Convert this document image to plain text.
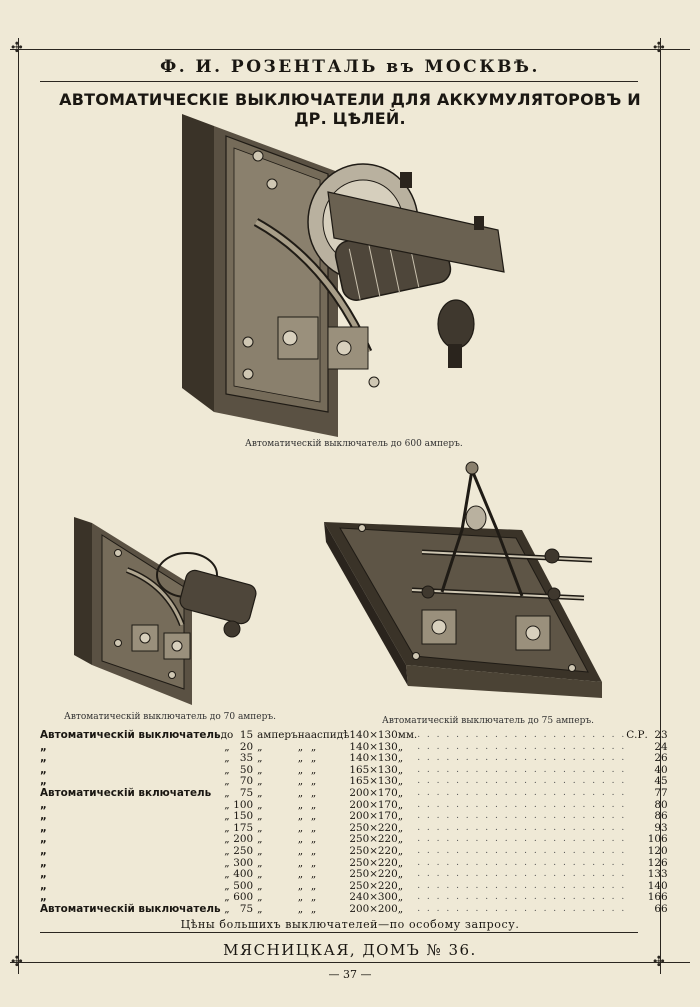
✣	✣
✣	✣
Ф. И. РОЗЕНТАЛЬ въ МОСКВѢ.
АВТОМАТИЧЕСКІЕ ВЫКЛЮЧАТЕЛИ ДЛЯ АККУМУЛЯТОРОВЪ И ДР. ЦѢЛЕЙ.
Автоматическій выключатель до 600 амперъ.
Автоматическій выключатель до 70 амперъ.	Автоматическій выключатель до 75 амперъ.
Автоматическій выключатель	до	15	амперъ	на	аспидѣ	140×130	мм.	. . . . . . . . . . . . . . . . . . . . . .	С.Р.	23
„	„	20	„	„	„	140×130	„	. . . . . . . . . . . . . . . . . . . . . .		24
„	„	35	„	„	„	140×130	„	. . . . . . . . . . . . . . . . . . . . . .		26
„	„	50	„	„	„	165×130	„	. . . . . . . . . . . . . . . . . . . . . .		40
„	„	70	„	„	„	165×130	„	. . . . . . . . . . . . . . . . . . . . . .		45
Автоматическій включатель	„	75	„	„	„	200×170	„	. . . . . . . . . . . . . . . . . . . . . .		77
„	„	100	„	„	„	200×170	„	. . . . . . . . . . . . . . . . . . . . . .		80
„	„	150	„	„	„	200×170	„	. . . . . . . . . . . . . . . . . . . . . .		86
„	„	175	„	„	„	250×220	„	. . . . . . . . . . . . . . . . . . . . . .		93
„	„	200	„	„	„	250×220	„	. . . . . . . . . . . . . . . . . . . . . .		106
„	„	250	„	„	„	250×220	„	. . . . . . . . . . . . . . . . . . . . . .		120
„	„	300	„	„	„	250×220	„	. . . . . . . . . . . . . . . . . . . . . .		126
„	„	400	„	„	„	250×220	„	. . . . . . . . . . . . . . . . . . . . . .		133
„	„	500	„	„	„	250×220	„	. . . . . . . . . . . . . . . . . . . . . .		140
„	„	600	„	„	„	240×300	„	. . . . . . . . . . . . . . . . . . . . . .		166
Автоматическій выключатель	„	75	„	„	„	200×200	„	. . . . . . . . . . . . . . . . . . . . . .		66
Цѣны большихъ выключателей—по особому запросу.
МЯСНИЦКАЯ, ДОМЪ № 36.
— 37 —
